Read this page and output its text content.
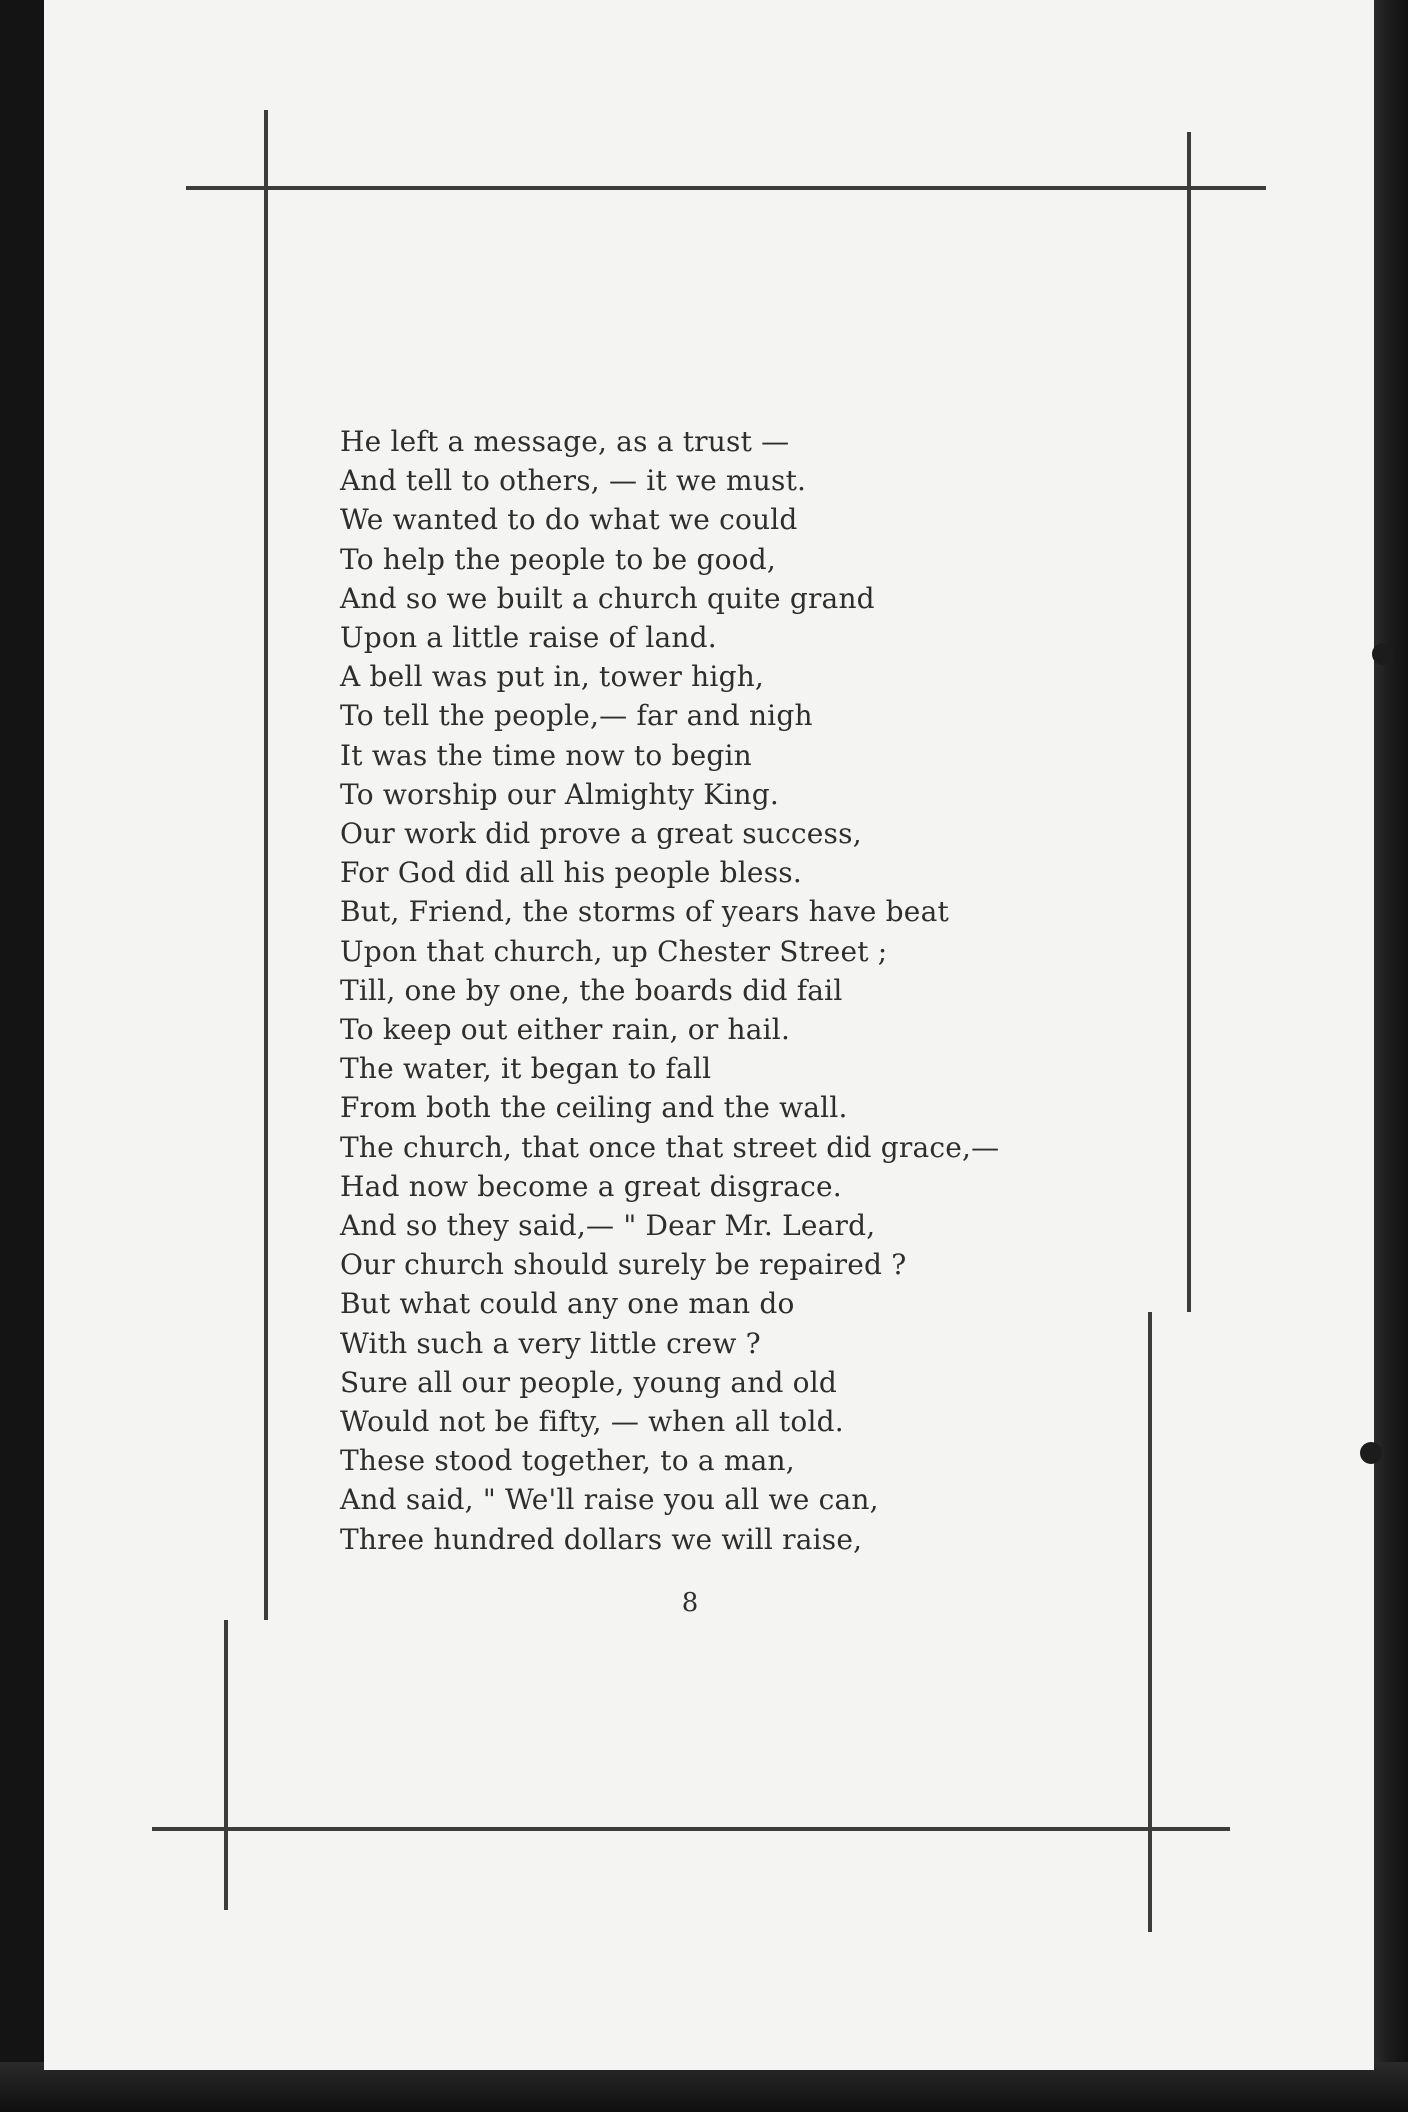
He left a message, as a trust —
And tell to others, — it we must.
We wanted to do what we could
To help the people to be good,
And so we built a church quite grand
Upon a little raise of land.
A bell was put in, tower high,
To tell the people,— far and nigh
It was the time now to begin
To worship our Almighty King.
Our work did prove a great success,
For God did all his people bless.
But, Friend, the storms of years have beat
Upon that church, up Chester Street ;
Till, one by one, the boards did fail
To keep out either rain, or hail.
The water, it began to fall
From both the ceiling and the wall.
The church, that once that street did grace,—
Had now become a great disgrace.
And so they said,— " Dear Mr. Leard,
Our church should surely be repaired ?
But what could any one man do
With such a very little crew ?
Sure all our people, young and old
Would not be fifty, — when all told.
These stood together, to a man,
And said, " We'll raise you all we can,
Three hundred dollars we will raise,
8
